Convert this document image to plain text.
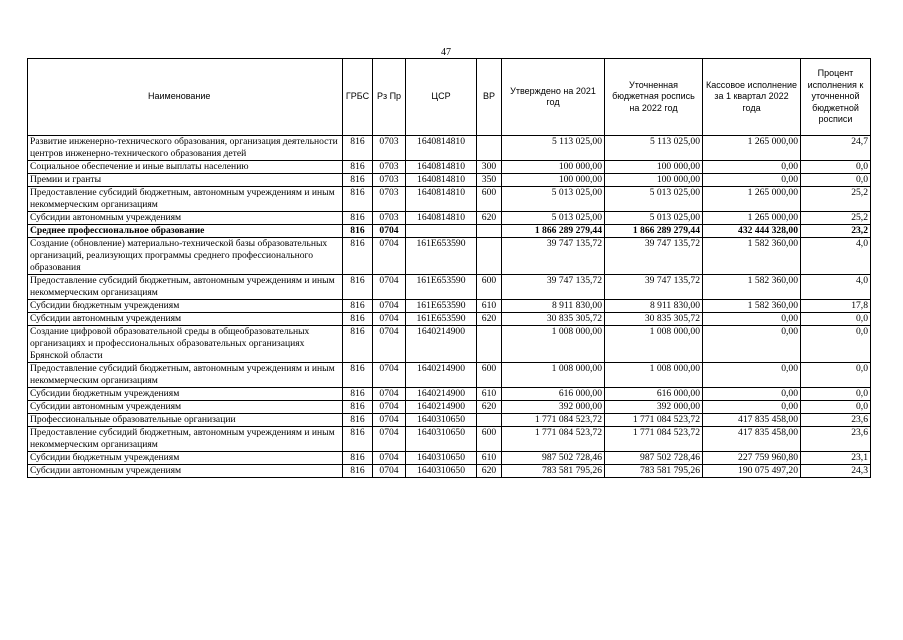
47
Наименование	ГРБС	Рз Пр	ЦСР	ВР	Утверждено на 2021 год	Уточненная бюджетная роспись на 2022 год	Кассовое исполнение за 1 квартал 2022 года	Процент исполнения к уточненной бюджетной росписи
Развитие инженерно-технического образования, организация деятельности центров инженерно-технического образования детей	816	0703	1640814810		5 113 025,00	5 113 025,00	1 265 000,00	24,7
Социальное обеспечение и иные выплаты населению	816	0703	1640814810	300	100 000,00	100 000,00	0,00	0,0
Премии и гранты	816	0703	1640814810	350	100 000,00	100 000,00	0,00	0,0
Предоставление субсидий бюджетным, автономным учреждениям и иным некоммерческим организациям	816	0703	1640814810	600	5 013 025,00	5 013 025,00	1 265 000,00	25,2
Субсидии автономным учреждениям	816	0703	1640814810	620	5 013 025,00	5 013 025,00	1 265 000,00	25,2
Среднее профессиональное образование	816	0704			1 866 289 279,44	1 866 289 279,44	432 444 328,00	23,2
Создание (обновление) материально-технической базы образовательных организаций, реализующих программы среднего профессионального образования	816	0704	161E653590		39 747 135,72	39 747 135,72	1 582 360,00	4,0
Предоставление субсидий бюджетным, автономным учреждениям и иным некоммерческим организациям	816	0704	161E653590	600	39 747 135,72	39 747 135,72	1 582 360,00	4,0
Субсидии бюджетным учреждениям	816	0704	161E653590	610	8 911 830,00	8 911 830,00	1 582 360,00	17,8
Субсидии автономным учреждениям	816	0704	161E653590	620	30 835 305,72	30 835 305,72	0,00	0,0
Создание цифровой образовательной среды в общеобразовательных организациях и профессиональных образовательных организациях Брянской области	816	0704	1640214900		1 008 000,00	1 008 000,00	0,00	0,0
Предоставление субсидий бюджетным, автономным учреждениям и иным некоммерческим организациям	816	0704	1640214900	600	1 008 000,00	1 008 000,00	0,00	0,0
Субсидии бюджетным учреждениям	816	0704	1640214900	610	616 000,00	616 000,00	0,00	0,0
Субсидии автономным учреждениям	816	0704	1640214900	620	392 000,00	392 000,00	0,00	0,0
Профессиональные образовательные организации	816	0704	1640310650		1 771 084 523,72	1 771 084 523,72	417 835 458,00	23,6
Предоставление субсидий бюджетным, автономным учреждениям и иным некоммерческим организациям	816	0704	1640310650	600	1 771 084 523,72	1 771 084 523,72	417 835 458,00	23,6
Субсидии бюджетным учреждениям	816	0704	1640310650	610	987 502 728,46	987 502 728,46	227 759 960,80	23,1
Субсидии автономным учреждениям	816	0704	1640310650	620	783 581 795,26	783 581 795,26	190 075 497,20	24,3
